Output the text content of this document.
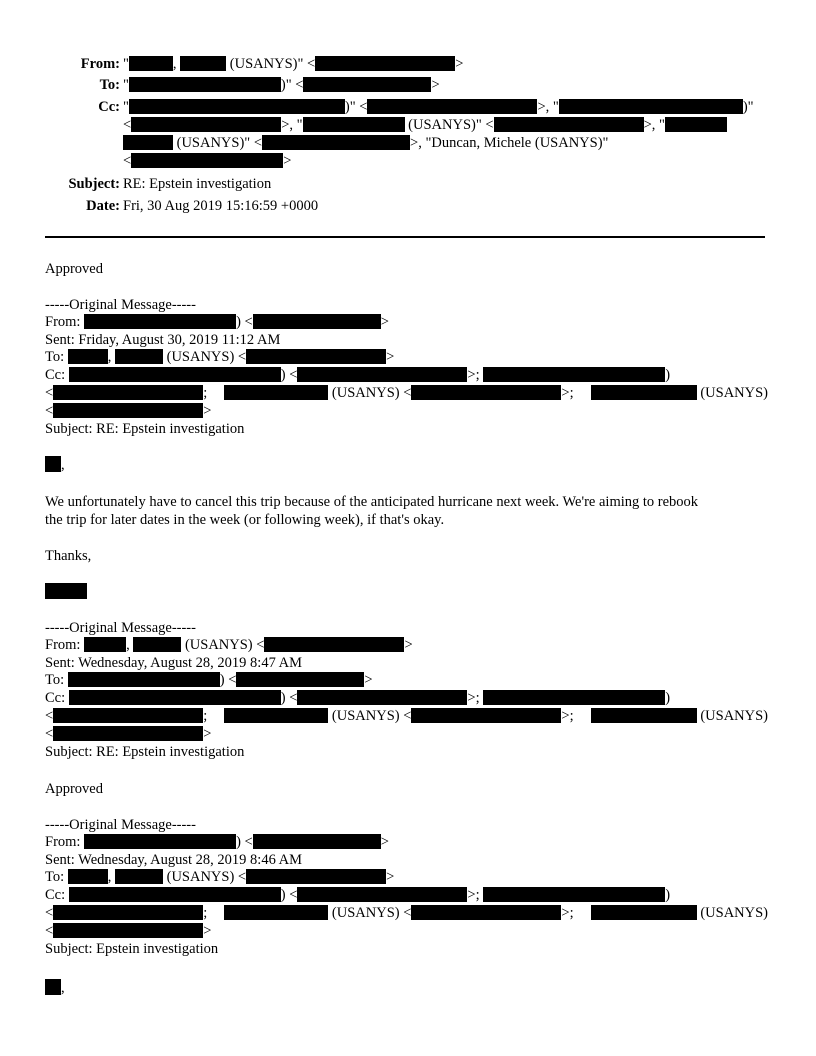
From: "	,	(USANYS)" <	>
To: "	)" <	>
Cc: "	)" <	>, "	)"
<	>, "	(USANYS)" <	>, "
(USANYS)" <	>, "Duncan, Michele (USANYS)"
<	>
Subject: RE: Epstein investigation
Date: Fri, 30 Aug 2019 15:16:59 +0000
Approved
-----Original Message-----
From:	) <	>
Sent: Friday, August 30, 2019 11:12 AM
To:	,	(USANYS) <	>
Cc:	) <	>;	)
<	;	(USANYS) <	>;	(USANYS)
<	>
Subject: RE: Epstein investigation
,
We unfortunately have to cancel this trip because of the anticipated hurricane next week. We're aiming to rebook
the trip for later dates in the week (or following week), if that's okay.
Thanks,
-----Original Message-----
From:	,	(USANYS) <	>
Sent: Wednesday, August 28, 2019 8:47 AM
To:	) <	>
Cc:	) <	>;	)
<	;	(USANYS) <	>;	(USANYS)
<	>
Subject: RE: Epstein investigation
Approved
-----Original Message-----
From:	) <	>
Sent: Wednesday, August 28, 2019 8:46 AM
To:	,	(USANYS) <	>
Cc:	) <	>;	)
<	;	(USANYS) <	>;	(USANYS)
<	>
Subject: Epstein investigation
,
